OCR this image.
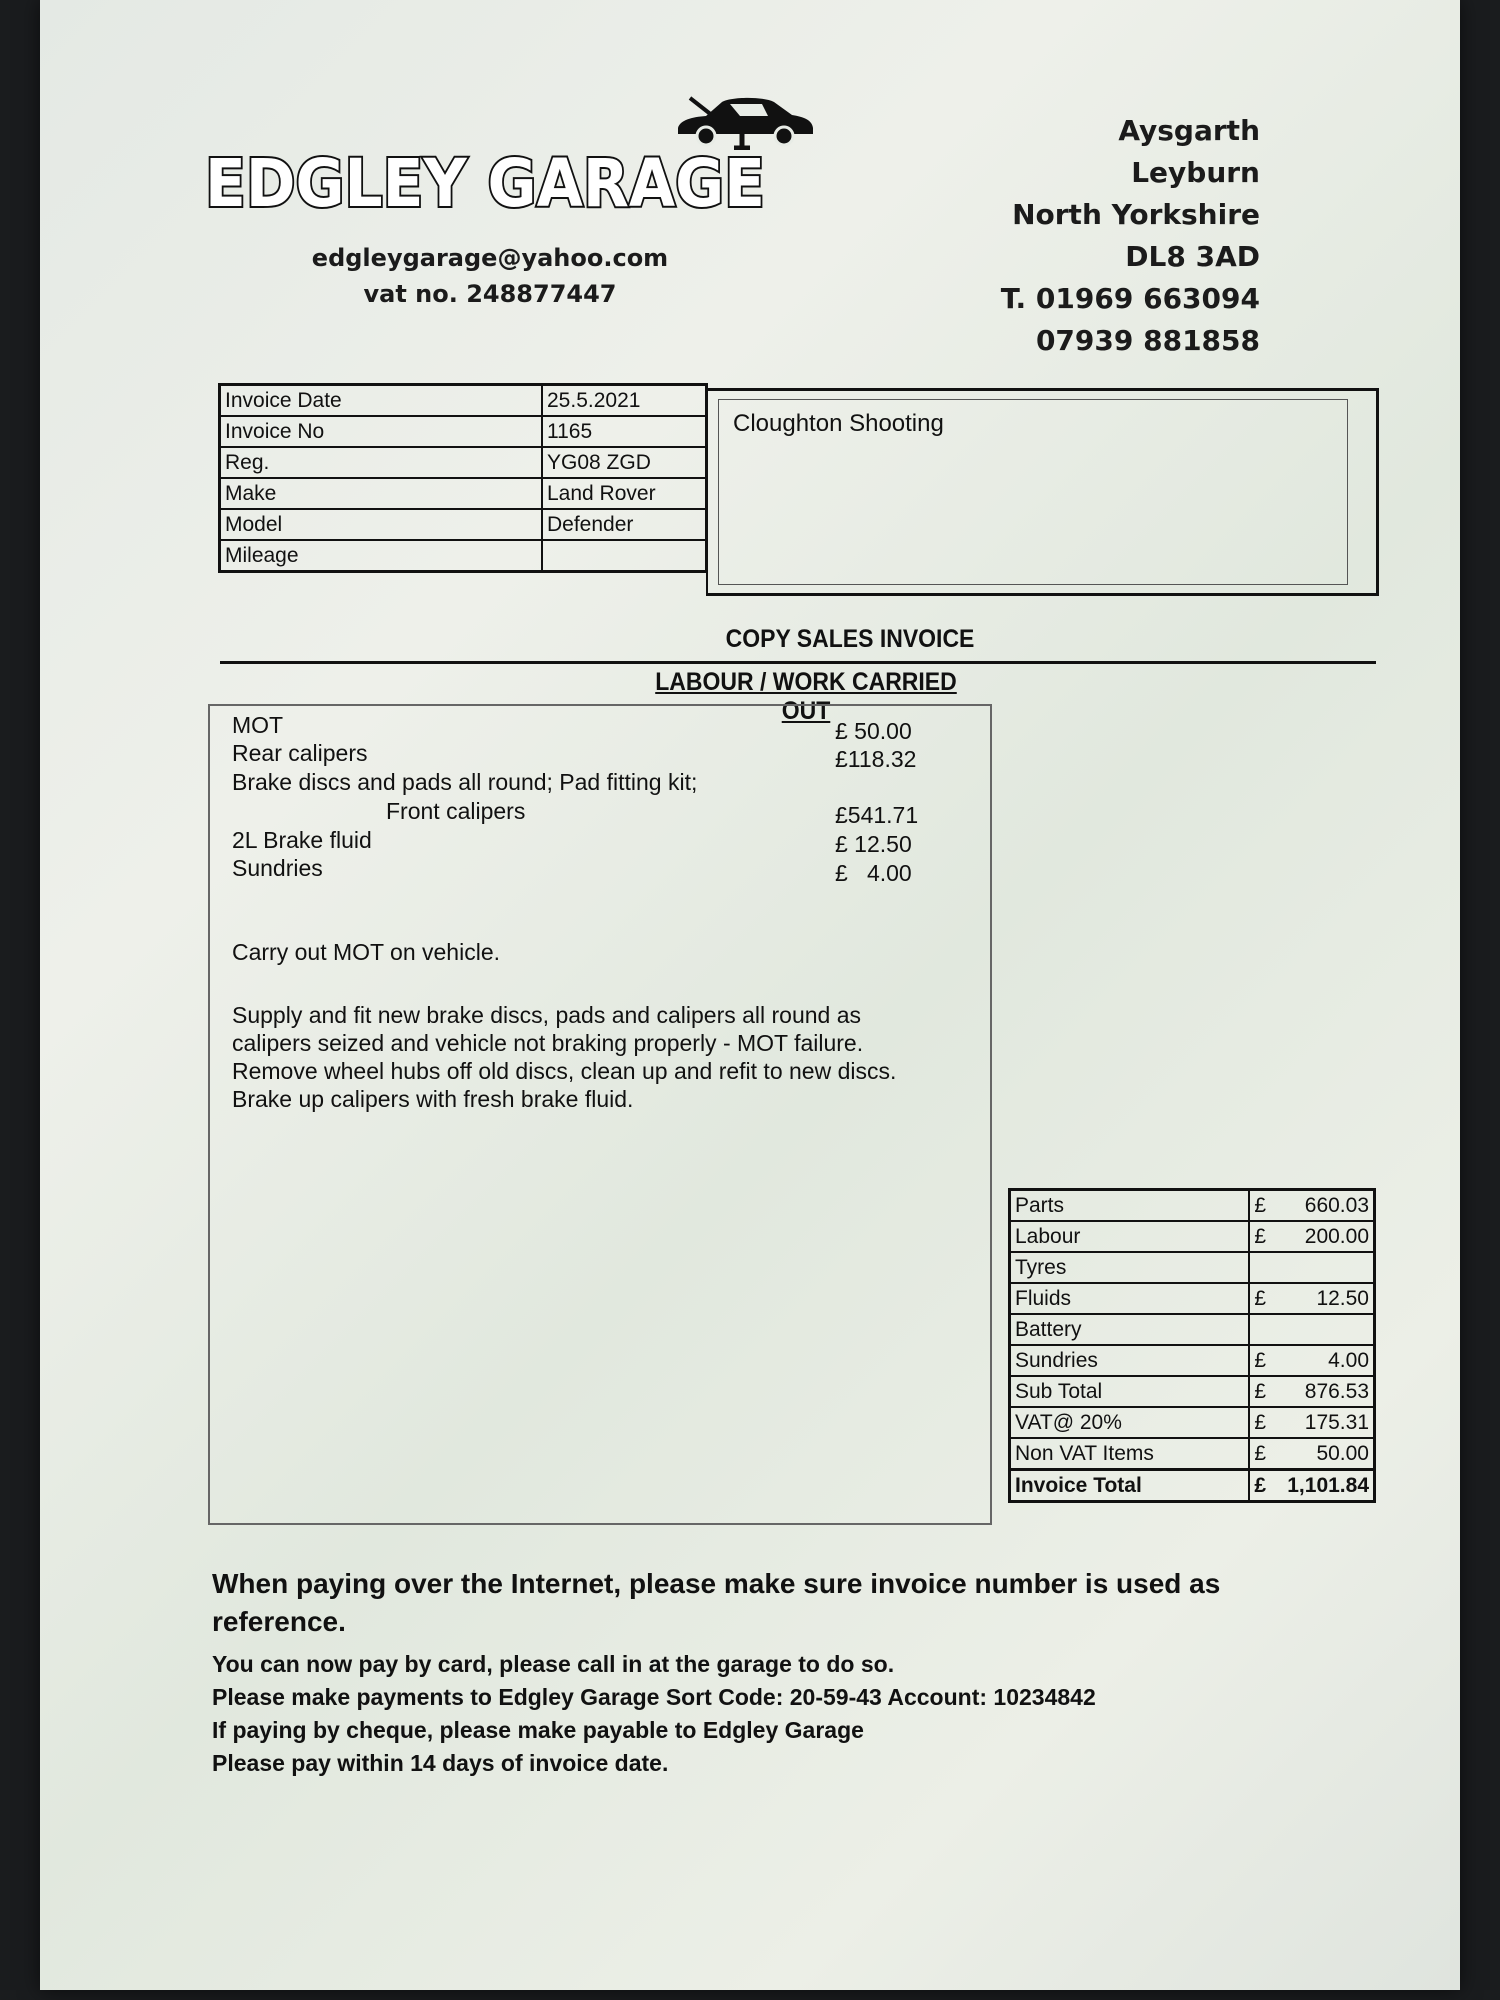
EDGLEY GARAGE
edgleygarage@yahoo.com
vat no. 248877447
Aysgarth
Leyburn
North Yorkshire
DL8 3AD
T. 01969 663094
07939 881858
Invoice Date	25.5.2021
Invoice No	1165
Reg.	YG08 ZGD
Make	Land Rover
Model	Defender
Mileage	
Cloughton Shooting
COPY SALES INVOICE
LABOUR / WORK CARRIED OUT
MOT	£ 50.00
Rear calipers	£118.32
Brake discs and pads all round; Pad fitting kit;
Front calipers	£541.71
2L Brake fluid	£ 12.50
Sundries	£   4.00
Carry out MOT on vehicle.
Supply and fit new brake discs, pads and calipers all round as
calipers seized and vehicle not braking properly - MOT failure.
Remove wheel hubs off old discs, clean up and refit to new discs.
Brake up calipers with fresh brake fluid.
Parts	£	660.03
Labour	£	200.00
Tyres		
Fluids	£	12.50
Battery		
Sundries	£	4.00
Sub Total	£	876.53
VAT@ 20%	£	175.31
Non VAT Items	£	50.00
Invoice Total	£	1,101.84
When paying over the Internet, please make sure invoice number is used as reference.
You can now pay by card, please call in at the garage to do so.
Please make payments to Edgley Garage Sort Code: 20-59-43 Account: 10234842
If paying by cheque, please make payable to Edgley Garage
Please pay within 14 days of invoice date.
